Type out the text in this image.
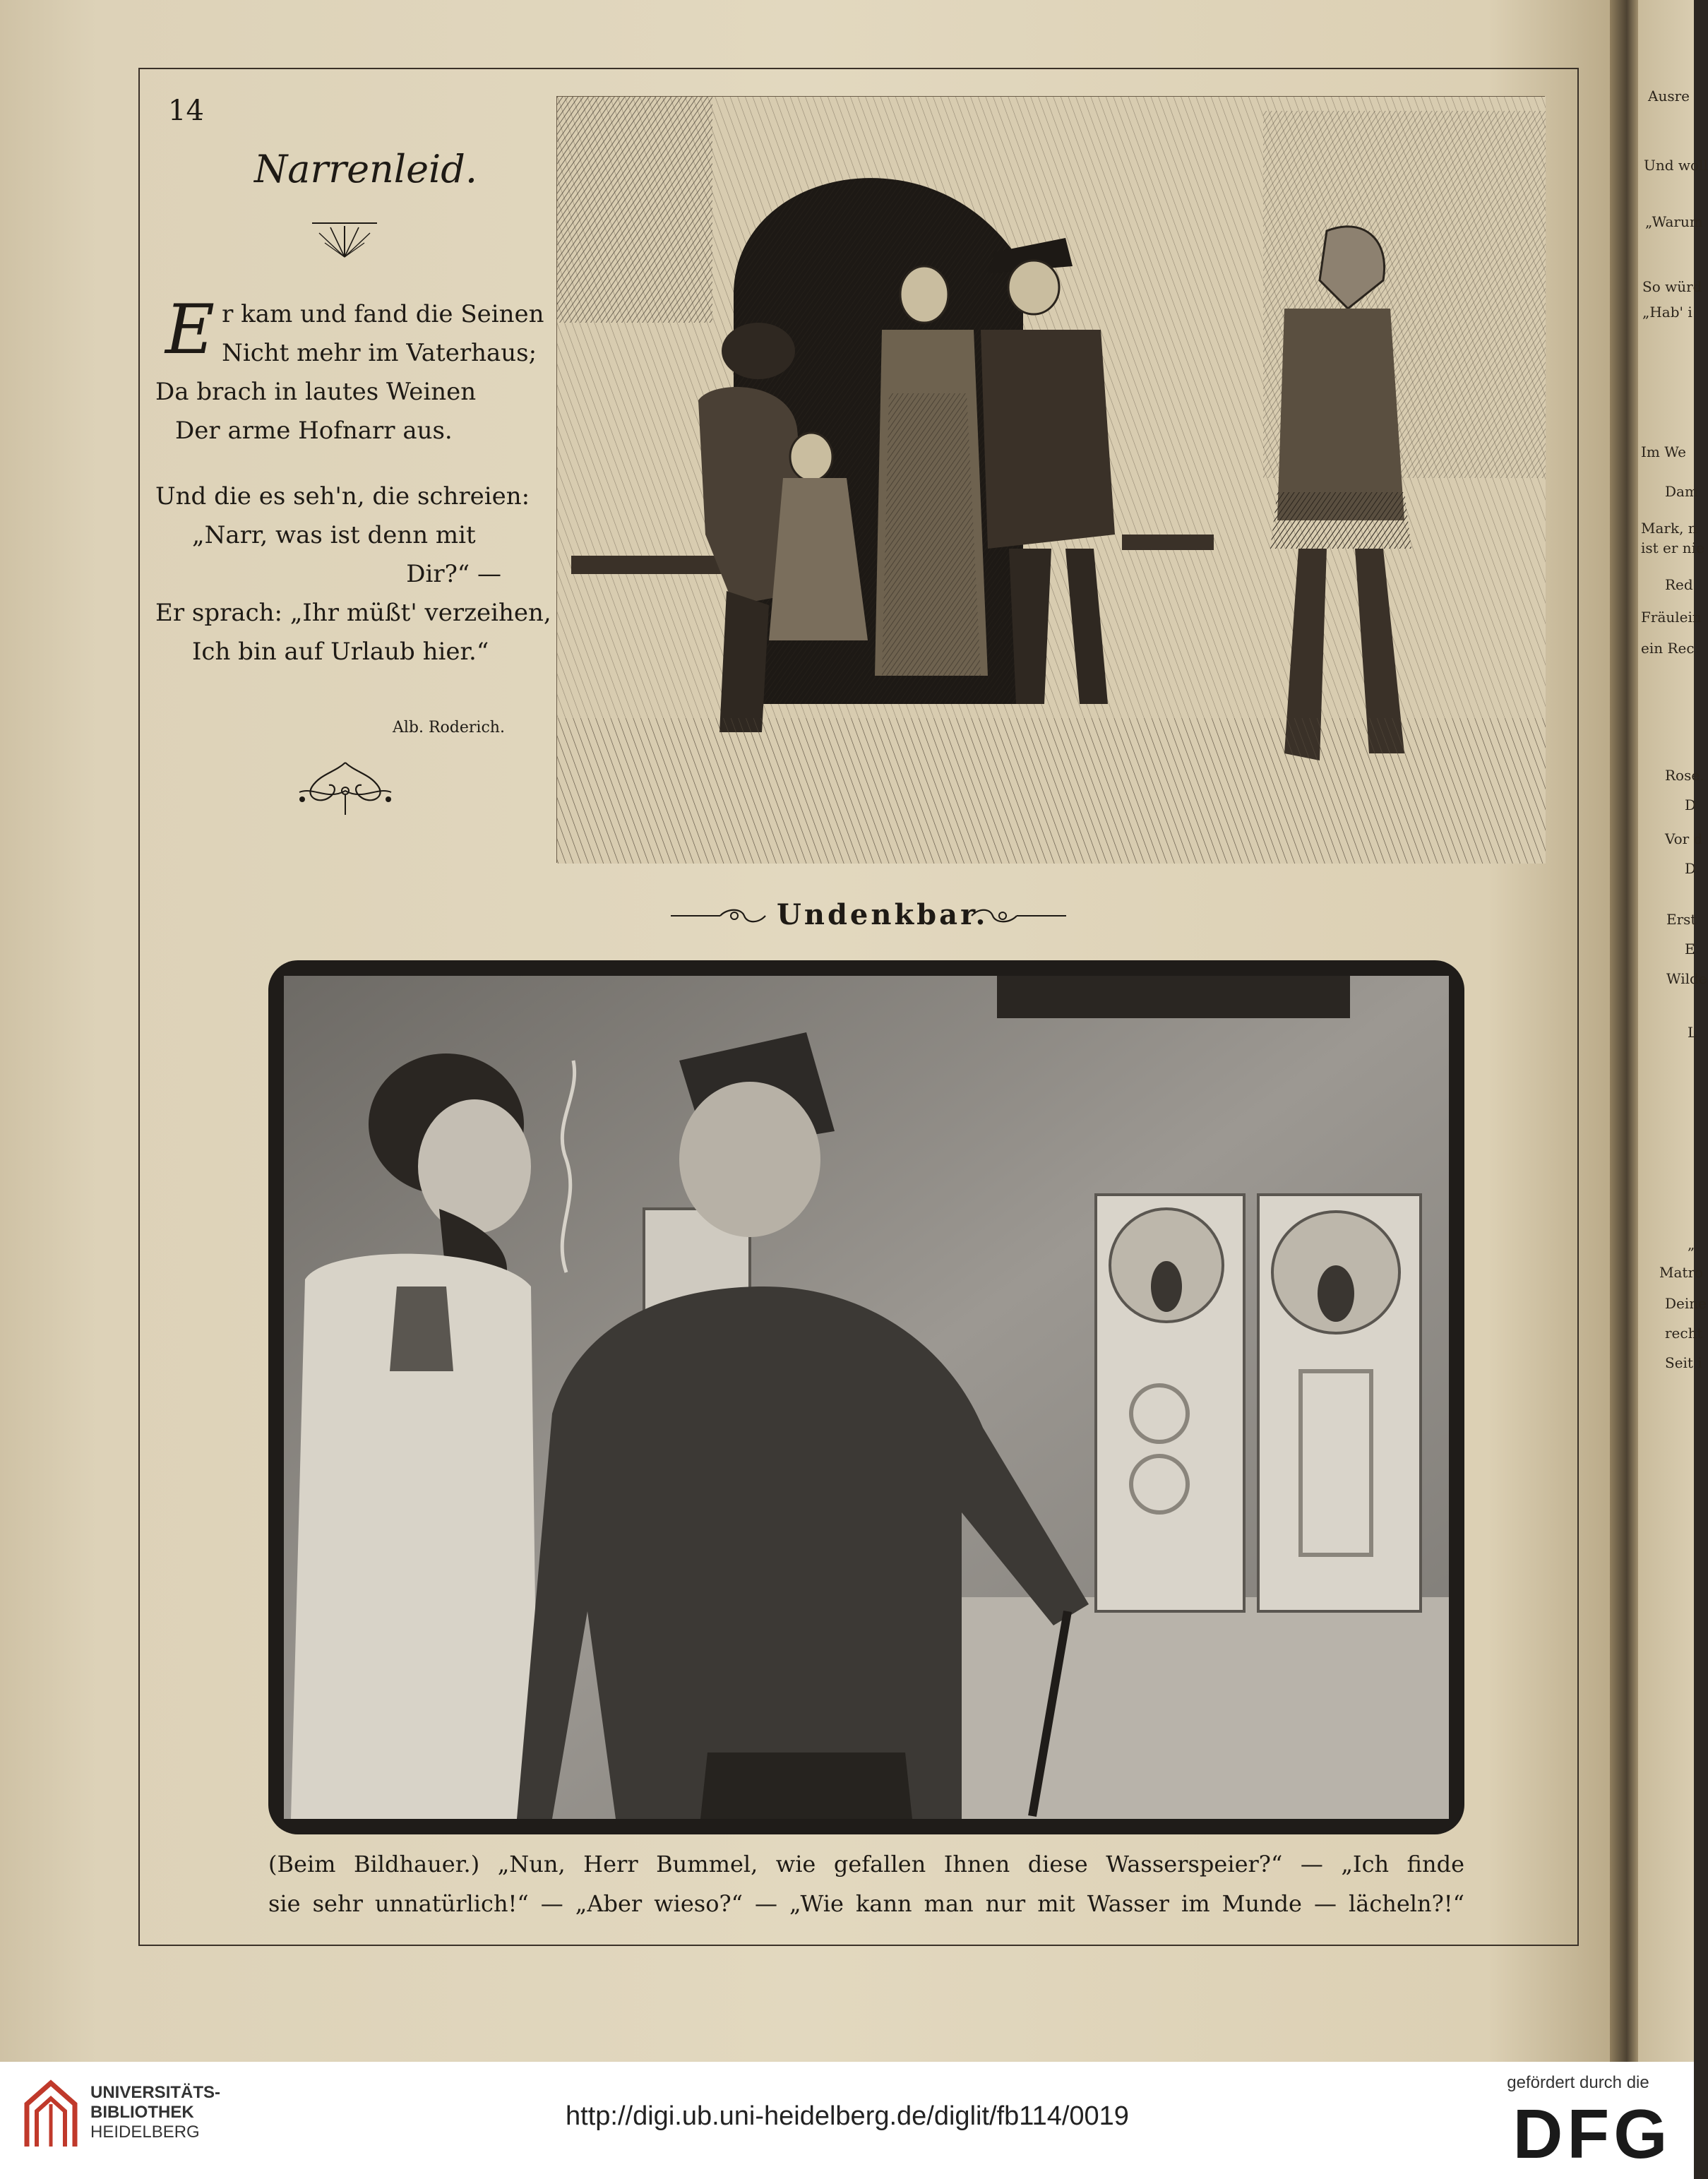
Ausre
Und woll
„Warum
So würd
„Hab' i
Im We
Dam
Mark, n
ist er nie
Red
Fräulein
ein Rec
Rose.
D
Vor d
D
Erst
E
Wilde
L
„
Matro
Deine
recht
Seit i
14
Narrenleid.
E r kam und fand die Seinen
Nicht mehr im Vaterhaus;
Da brach in lautes Weinen
Der arme Hofnarr aus.
Und die es seh'n, die schreien:
„Narr, was ist denn mit
Dir?“ —
Er sprach: „Ihr müßt' verzeihen,
Ich bin auf Urlaub hier.“
Alb. Roderich.
Undenkbar.
(Beim Bildhauer.) „Nun, Herr Bummel, wie gefallen Ihnen diese Wasserspeier?“ — „Ich finde
sie sehr unnatürlich!“ — „Aber wieso?“ — „Wie kann man nur mit Wasser im Munde — lächeln?!“
UNIVERSITÄTS-
BIBLIOTHEK
HEIDELBERG
http://digi.ub.uni-heidelberg.de/diglit/fb114/0019
gefördert durch die
DFG
